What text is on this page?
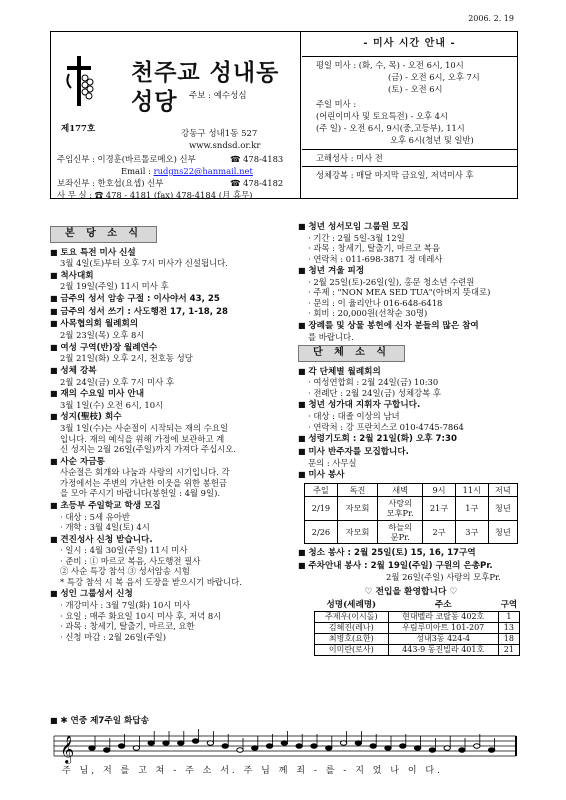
2006. 2. 19
제177호
천주교 성내동 성당	주보 : 예수성심
강동구 성내1동 527
www.sndsd.or.kr
주임신부 : 이경훈(바르톨로메오) 신부	☎ 478-4183
Email : rudgns22@hanmail.net
보좌신부 : 한호섭(요셉) 신부	☎ 478-4182
사 무 실 : ☎ 478 - 4181 (fax) 478-4184 (月 휴무)
- 미사 시간 안내 -
평일 미사 : (화, 수, 목) - 오전 6시, 10시
(금) - 오전 6시, 오후 7시
(토) - 오전 6시
주일 미사 :
(어린이미사 및 토요특전) - 오후 4시
(주 일) - 오전 6시, 9시(중,고등부), 11시
오후 6시(청년 및 일반)
고해성사 : 미사 전
성체강복 : 매달 마지막 금요일, 저녁미사 후
본 당 소 식
■ 토요 특전 미사 신설
3월 4일(토)부터 오후 7시 미사가 신설됩니다.
■ 척사대회
2월 19일(주일) 11시 미사 후
■ 금주의 성서 암송 구절 : 이사야서 43, 25
■ 금주의 성서 쓰기 : 사도행전 17, 1-18, 28
■ 사목협의회 월례회의
2월 23일(목) 오후 8시
■ 여성 구역(반)장 월례연수
2월 21일(화) 오후 2시, 천호동 성당
■ 성체 강복
2월 24일(금) 오후 7시 미사 후
■ 재의 수요일 미사 안내
3월 1일(수) 오전 6시, 10시
■ 성지(聖枝) 회수
3월 1일(수)는 사순절이 시작되는 재의 수요일
입니다. 재의 예식을 위해 가정에 보관하고 계
신 성지는 2월 26일(주일)까지 가져다 주십시오.
■ 사순 자금통
사순절은 회개와 나눔과 사랑의 시기입니다. 각
가정에서는 주변의 가난한 이웃을 위한 봉헌금
을 모아 주시기 바랍니다(봉헌일 : 4월 9일).
■ 초등부 주일학교 학생 모집
· 대상 : 5세 유아반
· 개학 : 3월 4일(토) 4시
■ 견진성사 신청 받습니다.
· 일시 : 4월 30일(주일) 11시 미사
· 준비 : ① 마르코 복음, 사도행전 필사
② 사순 특강 참석 ③ 성서암송 시험
* 특강 참석 시 복 음서 도장을 받으시기 바랍니다.
■ 성인 그룹성서 신청
· 개강미사 : 3월 7일(화) 10시 미사
· 요일 : 매주 화요일 10시 미사 후, 저녁 8시
· 과목 : 창세기, 탈출기, 마르코, 요한
· 신청 마감 : 2월 26일(주일)
■ 청년 성서모임 그룹원 모집
· 기간 : 2월 5일-3월 12일
· 과목 : 창세기, 탈출기, 마르코 복음
· 연락처 : 011-698-3871 정 데레사
■ 청년 겨울 피정
· 2월 25일(토)-26일(일), 홍문 청소년 수련원
· 주제 : "NON MEA SED TUA"(아버지 뜻대로)
· 문의 : 이 율리안나 016-648-6418
· 회비 : 20,000원(선착순 30명)
■ 장례를 및 상물 봉헌에 신자 분들의 많은 참여
를 바랍니다.
단 체 소 식
■ 각 단체별 월례회의
· 여성연합회 : 2월 24일(금) 10:30
· 전례단 : 2월 24일(금) 성체강복 후
■ 청년 성가대 지휘자 구합니다.
· 대상 : 대졸 이상의 남녀
· 연락처 : 강 프란치스코 010-4745-7864
■ 성령기도회 : 2월 21일(화) 오후 7:30
■ 미사 반주자를 모집합니다.
문의 : 사무실
■ 미사 봉사
주일	독진	새벽	9시	11시	저녁
2/19	자모회	사랑의
모후Pr.	21구	1구	청년
2/26	자모회	하늘의
문Pr.	2구	3구	청년
■ 청소 봉사 : 2월 25일(토) 15, 16, 17구역
■ 주차안내 봉사 : 2월 19일(주일) 구원의 은총Pr.
2월 26일(주일) 사랑의 모후Pr.
♡ 전입을 환영합니다 ♡
성명(세례명)	주소	구역
주제우(이시돌)	현대벨라 코랄동 402호	1
김혜진(레나)	우림루미아트 101-207	13
최병호(요한)	성내3동 424-4	18
이미란(로사)	443-9 동진빌라 401호	21
■ ✱ 연중 제7주일 화답송
𝄞
주 님, 저 를 고 쳐 - 주 소 서. 주 님 께 죄 - 를 - 지 었 나 이 다.
